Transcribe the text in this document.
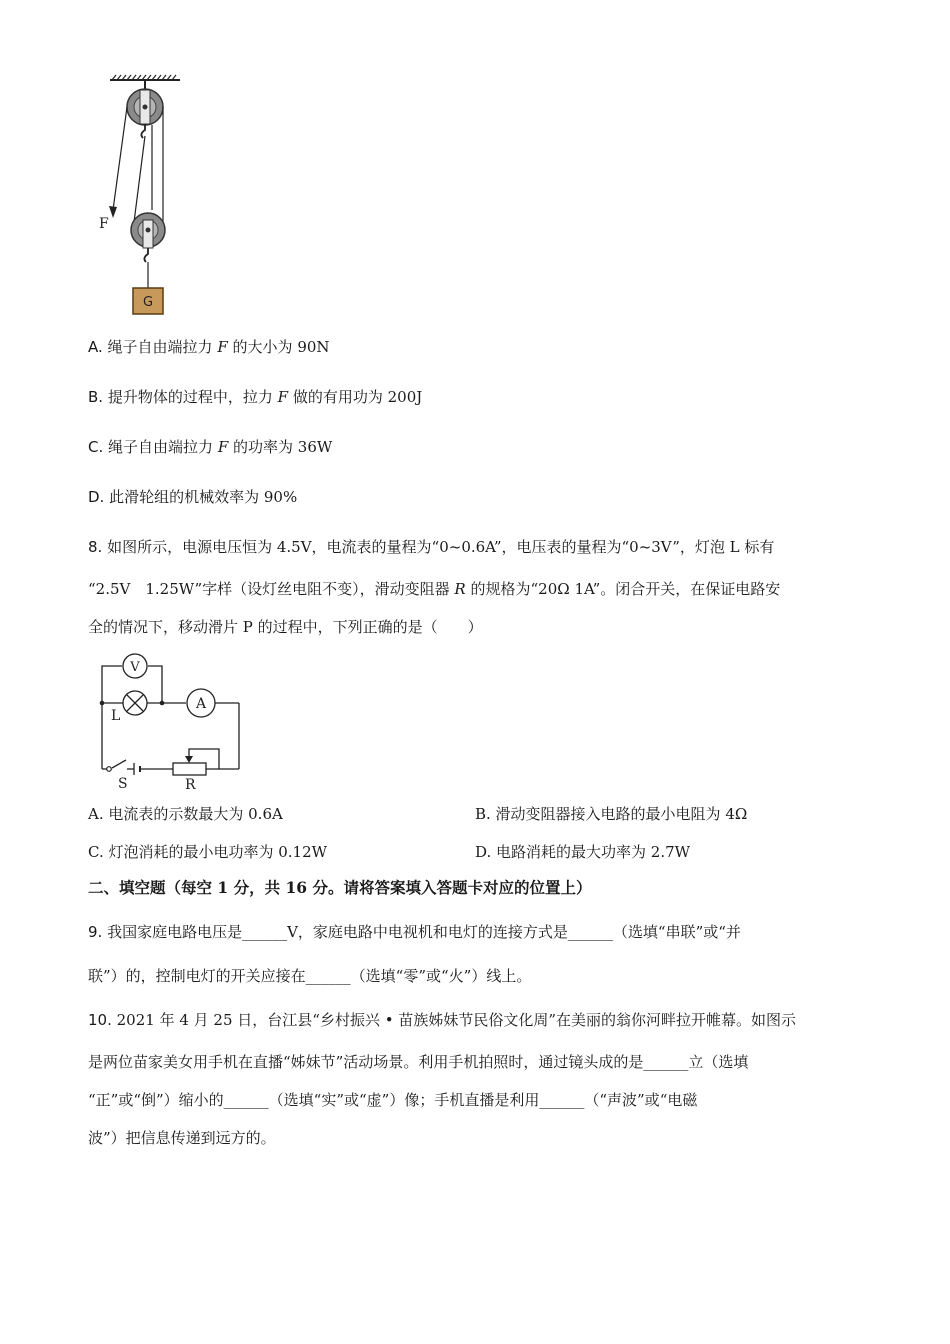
F
G
A. 绳子自由端拉力 F 的大小为 90N
B. 提升物体的过程中，拉力 F 做的有用功为 200J
C. 绳子自由端拉力 F 的功率为 36W
D. 此滑轮组的机械效率为 90%
8. 如图所示，电源电压恒为 4.5V，电流表的量程为“0~0.6A”，电压表的量程为“0~3V”，灯泡 L 标有
“2.5V　1.25W”字样（设灯丝电阻不变），滑动变阻器 R 的规格为“20Ω 1A”。闭合开关，在保证电路安
全的情况下，移动滑片 P 的过程中，下列正确的是（　　）
V
A
L
S	R
A. 电流表的示数最大为 0.6A	B. 滑动变阻器接入电路的最小电阻为 4Ω
C. 灯泡消耗的最小电功率为 0.12W	D. 电路消耗的最大功率为 2.7W
二、填空题（每空 1 分，共 16 分。请将答案填入答题卡对应的位置上）
9. 我国家庭电路电压是______V，家庭电路中电视机和电灯的连接方式是______（选填“串联”或“并
联”）的，控制电灯的开关应接在______（选填“零”或“火”）线上。
10. 2021 年 4 月 25 日，台江县“乡村振兴 • 苗族姊妹节民俗文化周”在美丽的翁你河畔拉开帷幕。如图示
是两位苗家美女用手机在直播“姊妹节”活动场景。利用手机拍照时，通过镜头成的是______立（选填
“正”或“倒”）缩小的______（选填“实”或“虚”）像；手机直播是利用______（“声波”或“电磁
波”）把信息传递到远方的。
